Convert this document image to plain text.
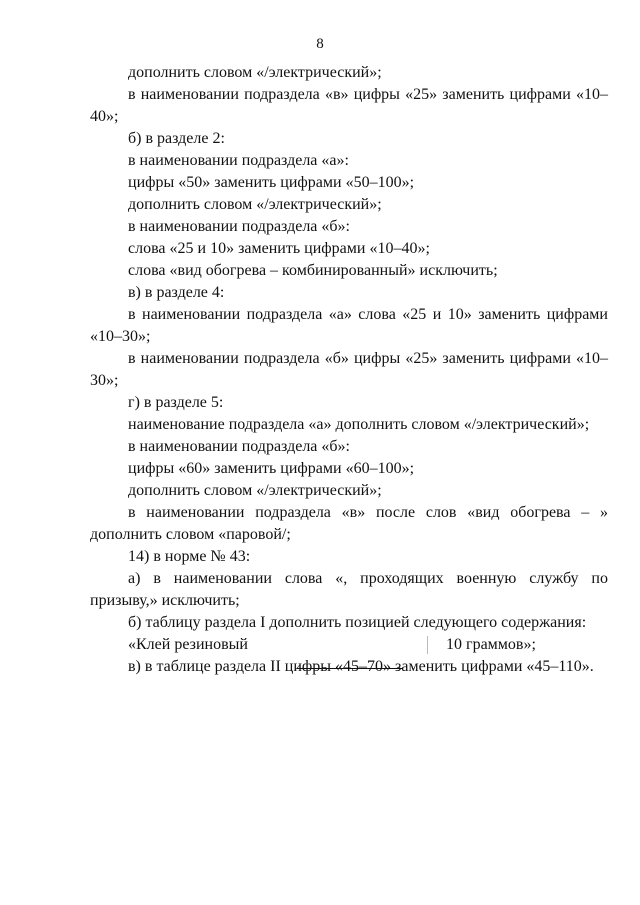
8

дополнить словом «/электрический»;

в наименовании подраздела «в» цифры «25» заменить цифрами «10–40»;

б) в разделе 2:

в наименовании подраздела «а»:

цифры «50» заменить цифрами «50–100»;

дополнить словом «/электрический»;

в наименовании подраздела «б»:

слова «25 и 10» заменить цифрами «10–40»;

слова «вид обогрева – комбинированный» исключить;

в) в разделе 4:

в наименовании подраздела «а» слова «25 и 10» заменить цифрами «10–30»;

в наименовании подраздела «б» цифры «25» заменить цифрами «10–30»;

г) в разделе 5:

наименование подраздела «а» дополнить словом «/электрический»;

в наименовании подраздела «б»:

цифры «60» заменить цифрами «60–100»;

дополнить словом «/электрический»;

в наименовании подраздела «в» после слов «вид обогрева – » дополнить словом «паровой/;

14) в норме № 43:

а) в наименовании слова «, проходящих военную службу по призыву,» исключить;

б) таблицу раздела I дополнить позицией следующего содержания:

«Клей резиновый	10 граммов»;

в) в таблице раздела II цифры «45–70» заменить цифрами «45–110».
